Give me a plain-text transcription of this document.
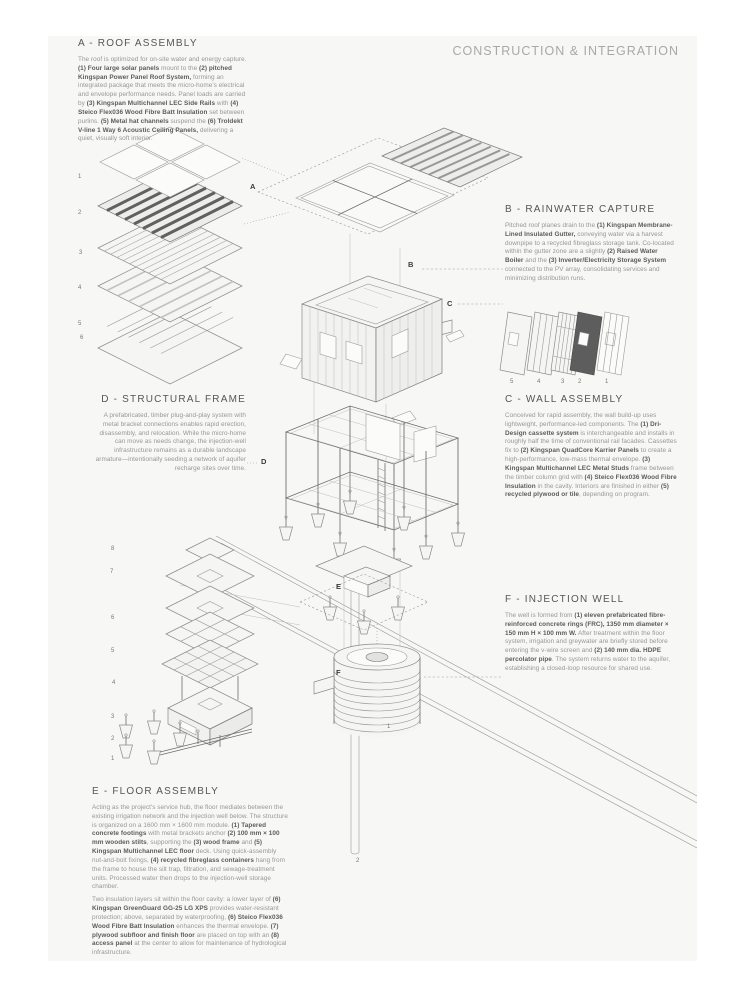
CONSTRUCTION & INTEGRATION
A - ROOF ASSEMBLY
The roof is optimized for on-site water and energy capture. (1) Four large solar panels mount to the (2) pitched Kingspan Power Panel Roof System, forming an integrated package that meets the micro-home's electrical and envelope performance needs. Panel loads are carried by (3) Kingspan Multichannel LEC Side Rails with (4) Steico Flex036 Wood Fibre Batt Insulation set between purlins. (5) Metal hat channels suspend the (6) Troldekt V-line 1 Way 6 Acoustic Ceiling Panels, delivering a quiet, visually soft interior.
B - RAINWATER CAPTURE
Pitched roof planes drain to the (1) Kingspan Membrane-Lined Insulated Gutter, conveying water via a harvest downpipe to a recycled fibreglass storage tank. Co-located within the gutter zone are a slightly (2) Raised Water Boiler and the (3) Inverter/Electricity Storage System connected to the PV array, consolidating services and minimizing distribution runs.
C - WALL ASSEMBLY
Conceived for rapid assembly, the wall build-up uses lightweight, performance-led components. The (1) Dri-Design cassette system is interchangeable and installs in roughly half the time of conventional rail facades. Cassettes fix to (2) Kingspan QuadCore Karrier Panels to create a high-performance, low-mass thermal envelope. (3) Kingspan Multichannel LEC Metal Studs frame between the timber column grid with (4) Steico Flex036 Wood Fibre Insulation in the cavity. Interiors are finished in either (5) recycled plywood or tile, depending on program.
D - STRUCTURAL FRAME
A prefabricated, timber plug-and-play system with metal bracket connections enables rapid erection, disassembly, and relocation. While the micro-home can move as needs change, the injection-well infrastructure remains as a durable landscape armature—intentionally seeding a network of aquifer recharge sites over time.
E - FLOOR ASSEMBLY
Acting as the project's service hub, the floor mediates between the existing irrigation network and the injection well below. The structure is organized on a 1600 mm × 1600 mm module. (1) Tapered concrete footings with metal brackets anchor (2) 100 mm × 100 mm wooden stilts, supporting the (3) wood frame and (5) Kingspan Multichannel LEC floor deck. Using quick-assembly nut-and-bolt fixings, (4) recycled fibreglass containers hang from the frame to house the silt trap, filtration, and sewage-treatment units. Processed water then drops to the injection-well storage chamber.
Two insulation layers sit within the floor cavity: a lower layer of (6) Kingspan GreenGuard GG-25 LG XPS provides water-resistant protection; above, separated by waterproofing, (6) Steico Flex036 Wood Fibre Batt Insulation enhances the thermal envelope. (7) plywood subfloor and finish floor are placed on top with an (8) access panel at the center to allow for maintenance of hydrological infrastructure.
F - INJECTION WELL
The well is formed from (1) eleven prefabricated fibre-reinforced concrete rings (FRC), 1350 mm diameter × 150 mm H × 100 mm W. After treatment within the floor system, irrigation and greywater are briefly stored before entering the v-wire screen and (2) 140 mm dia. HDPE percolator pipe. The system returns water to the aquifer, establishing a closed-loop resource for shared use.
A
B
C
D
E
F
1
2
3
4
5
6
5	4	3 2	1
8
7
6
5
4
3
2
1
1
2
